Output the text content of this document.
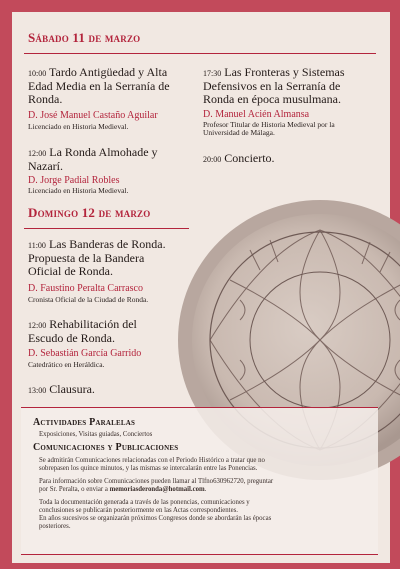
Sábado 11 de marzo
10:00 Tardo Antigüedad y Alta
Edad Media en la Serranía de
Ronda.
D. José Manuel Castaño Aguilar
Licenciado en Historia Medieval.
12:00 La Ronda Almohade y
Nazarí.
D. Jorge Padial Robles
Licenciado en Historia Medieval.
17:30 Las Fronteras y Sistemas
Defensivos en la Serranía de
Ronda en época musulmana.
D. Manuel Acién Almansa
Profesor Titular de Historia Medieval por la
Universidad de Málaga.
20:00 Concierto.
Domingo 12 de marzo
11:00 Las Banderas de Ronda.
Propuesta de la Bandera
Oficial de Ronda.
D. Faustino Peralta Carrasco
Cronista Oficial de la Ciudad de Ronda.
12:00 Rehabilitación del
Escudo de Ronda.
D. Sebastián García Garrido
Catedrático en Heráldica.
13:00 Clausura.
Actividades Paralelas
Exposiciones, Visitas guiadas, Conciertos
Comunicaciones y Publicaciones
Se admitirán Comunicaciones relacionadas con el Periodo Histórico a tratar que no
sobrepasen los quince minutos, y las mismas se intercalarán entre las Ponencias.
Para información sobre Comunicaciones pueden llamar al Tlfno630962720, preguntar
por Sr. Peralta, o enviar a memoriasderonda@hotmail.com.
Toda la documentación generada a través de las ponencias, comunicaciones y
conclusiones se publicarán posteriormente en las Actas correspondientes.
En años sucesivos se organizarán próximos Congresos donde se abordarán las épocas
posteriores.
